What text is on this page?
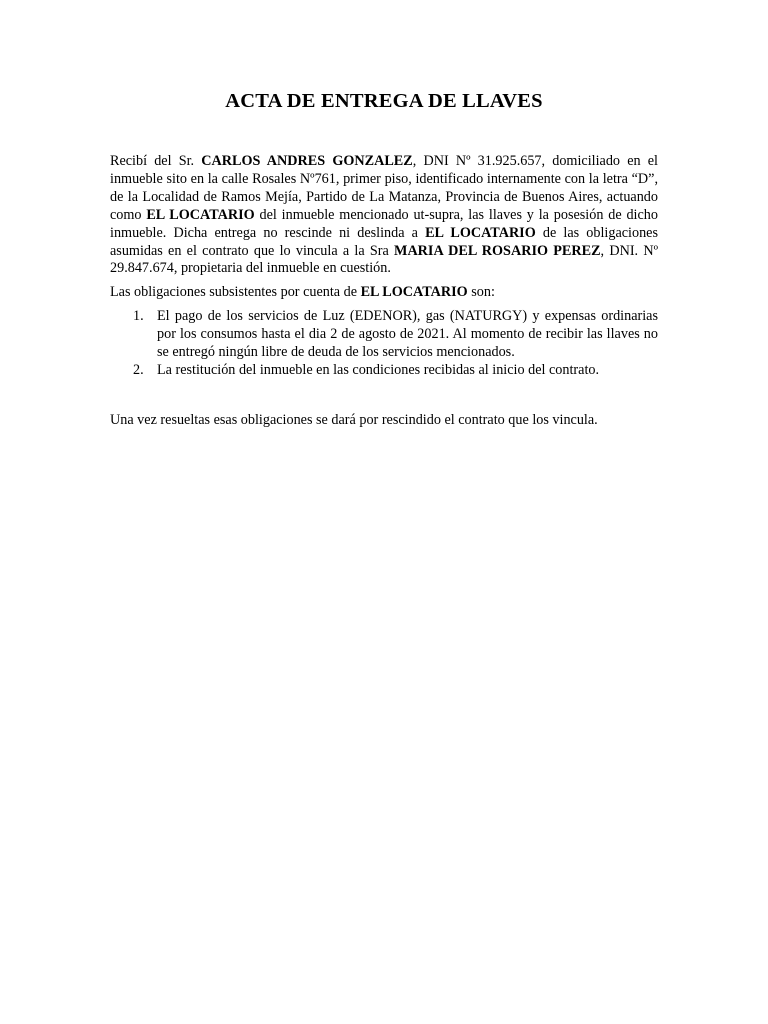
ACTA DE ENTREGA DE LLAVES

Recibí del Sr. CARLOS ANDRES GONZALEZ, DNI Nº 31.925.657, domiciliado en el inmueble sito en la calle Rosales Nº761, primer piso, identificado internamente con la letra “D”, de la Localidad de Ramos Mejía, Partido de La Matanza, Provincia de Buenos Aires, actuando como EL LOCATARIO del inmueble mencionado ut-supra, las llaves y la posesión de dicho inmueble. Dicha entrega no rescinde ni deslinda a EL LOCATARIO de las obligaciones asumidas en el contrato que lo vincula a la Sra MARIA DEL ROSARIO PEREZ, DNI. Nº 29.847.674, propietaria del inmueble en cuestión.

Las obligaciones subsistentes por cuenta de EL LOCATARIO son:

1. El pago de los servicios de Luz (EDENOR), gas (NATURGY) y expensas ordinarias por los consumos hasta el dia 2 de agosto de 2021. Al momento de recibir las llaves no se entregó ningún libre de deuda de los servicios mencionados.
2. La restitución del inmueble en las condiciones recibidas al inicio del contrato.

Una vez resueltas esas obligaciones se dará por rescindido el contrato que los vincula.
